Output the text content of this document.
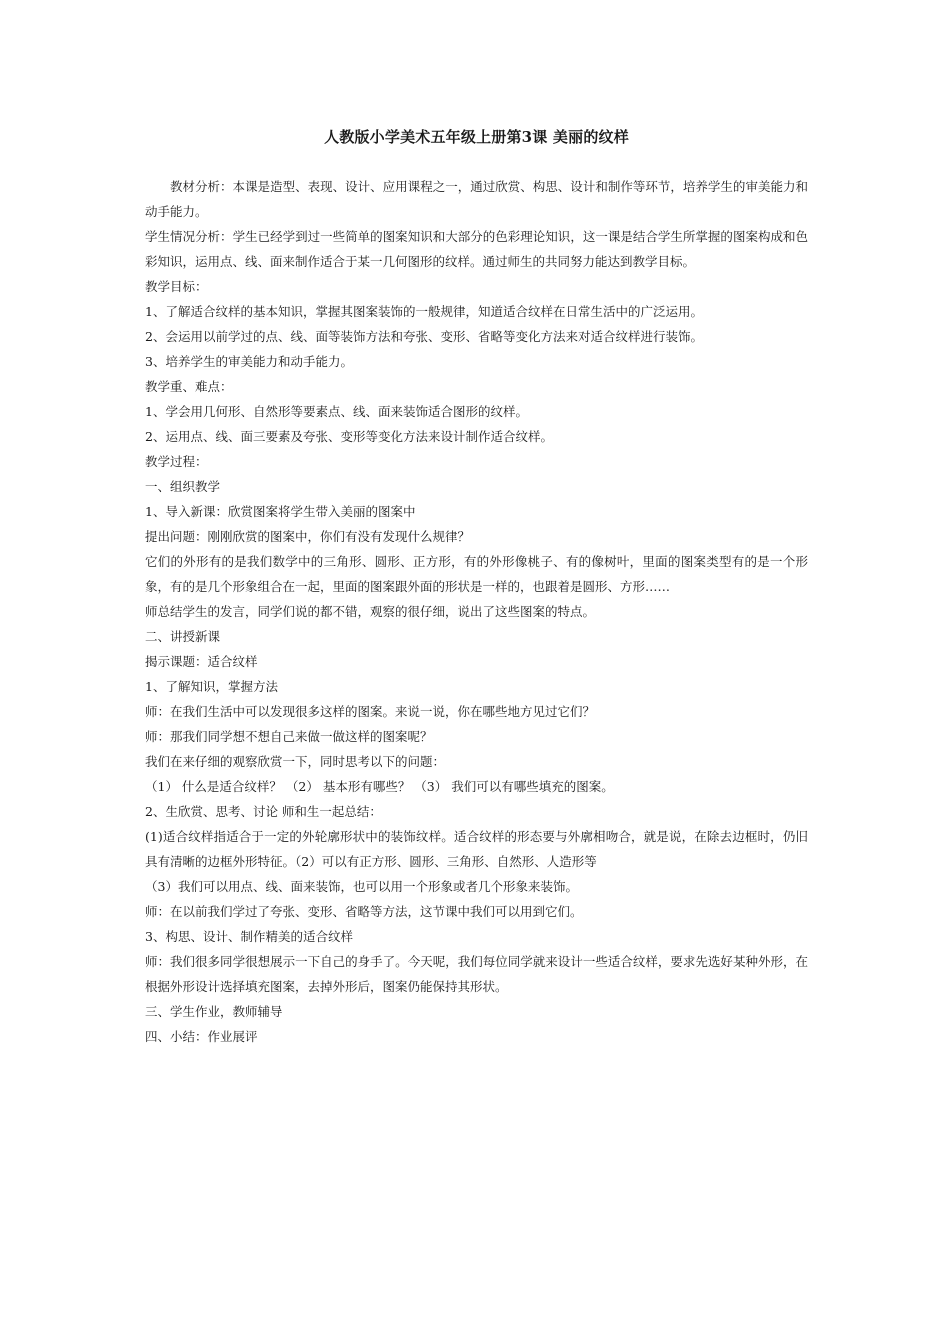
人教版小学美术五年级上册第3课 美丽的纹样

教材分析：本课是造型、表现、设计、应用课程之一，通过欣赏、构思、设计和制作等环节，培养学生的审美能力和动手能力。

学生情况分析：学生已经学到过一些简单的图案知识和大部分的色彩理论知识，这一课是结合学生所掌握的图案构成和色彩知识，运用点、线、面来制作适合于某一几何图形的纹样。通过师生的共同努力能达到教学目标。

教学目标：

1、了解适合纹样的基本知识，掌握其图案装饰的一般规律，知道适合纹样在日常生活中的广泛运用。

2、会运用以前学过的点、线、面等装饰方法和夸张、变形、省略等变化方法来对适合纹样进行装饰。

3、培养学生的审美能力和动手能力。

教学重、难点：

1、学会用几何形、自然形等要素点、线、面来装饰适合图形的纹样。

2、运用点、线、面三要素及夸张、变形等变化方法来设计制作适合纹样。

教学过程：

一、组织教学

1、导入新课：欣赏图案将学生带入美丽的图案中

提出问题：刚刚欣赏的图案中，你们有没有发现什么规律？

它们的外形有的是我们数学中的三角形、圆形、正方形，有的外形像桃子、有的像树叶，里面的图案类型有的是一个形象，有的是几个形象组合在一起，里面的图案跟外面的形状是一样的，也跟着是圆形、方形……

师总结学生的发言，同学们说的都不错，观察的很仔细，说出了这些图案的特点。

二、讲授新课

揭示课题：适合纹样

1、了解知识，掌握方法

师：在我们生活中可以发现很多这样的图案。来说一说，你在哪些地方见过它们？

师：那我们同学想不想自己来做一做这样的图案呢？

我们在来仔细的观察欣赏一下，同时思考以下的问题：

（1） 什么是适合纹样？ （2） 基本形有哪些？ （3） 我们可以有哪些填充的图案。

2、生欣赏、思考、讨论 师和生一起总结：

(1)适合纹样指适合于一定的外轮廓形状中的装饰纹样。适合纹样的形态要与外廓相吻合，就是说，在除去边框时，仍旧具有清晰的边框外形特征。（2）可以有正方形、圆形、三角形、自然形、人造形等

（3）我们可以用点、线、面来装饰，也可以用一个形象或者几个形象来装饰。

师：在以前我们学过了夸张、变形、省略等方法，这节课中我们可以用到它们。

3、构思、设计、制作精美的适合纹样

师：我们很多同学很想展示一下自己的身手了。今天呢，我们每位同学就来设计一些适合纹样，要求先选好某种外形，在根据外形设计选择填充图案，去掉外形后，图案仍能保持其形状。

三、学生作业，教师辅导

四、小结：作业展评
